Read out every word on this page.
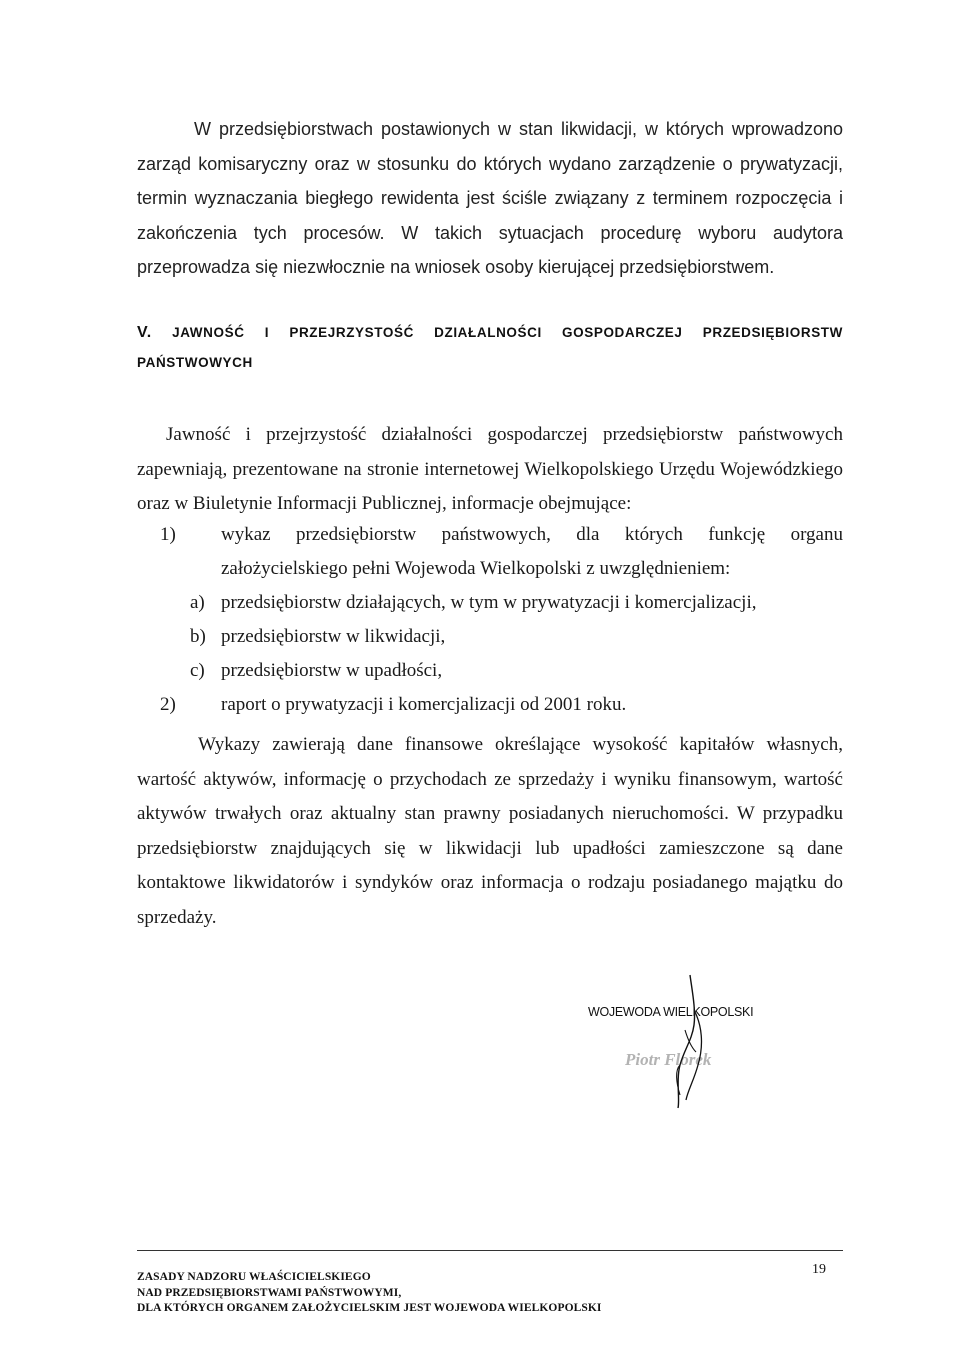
W przedsiębiorstwach postawionych w stan likwidacji, w których wprowadzono zarząd komisaryczny oraz w stosunku do których wydano zarządzenie o prywatyzacji, termin wyznaczania biegłego rewidenta jest ściśle związany z terminem rozpoczęcia i zakończenia tych procesów. W takich sytuacjach procedurę wyboru audytora przeprowadza się niezwłocznie na wniosek osoby kierującej przedsiębiorstwem.

V. JAWNOŚĆ I PRZEJRZYSTOŚĆ DZIAŁALNOŚCI GOSPODARCZEJ PRZEDSIĘBIORSTW PAŃSTWOWYCH

Jawność i przejrzystość działalności gospodarczej przedsiębiorstw państwowych zapewniają, prezentowane na stronie internetowej Wielkopolskiego Urzędu Wojewódzkiego oraz w Biuletynie Informacji Publicznej, informacje obejmujące:

1)	wykaz przedsiębiorstw państwowych, dla których funkcję organu
założycielskiego pełni Wojewoda Wielkopolski z uwzględnieniem:
a) przedsiębiorstw działających, w tym w prywatyzacji i komercjalizacji,
b) przedsiębiorstw w likwidacji,
c) przedsiębiorstw w upadłości,
2) raport o prywatyzacji i komercjalizacji od 2001 roku.

Wykazy zawierają dane finansowe określające wysokość kapitałów własnych, wartość aktywów, informację o przychodach ze sprzedaży i wyniku finansowym, wartość aktywów trwałych oraz aktualny stan prawny posiadanych nieruchomości. W przypadku przedsiębiorstw znajdujących się w likwidacji lub upadłości zamieszczone są dane kontaktowe likwidatorów i syndyków oraz informacja o rodzaju posiadanego majątku do sprzedaży.

Piotr Florek
WOJEWODA WIELKOPOLSKI
ZASADY NADZORU WŁAŚCICIELSKIEGO
NAD PRZEDSIĘBIORSTWAMI PAŃSTWOWYMI,
DLA KTÓRYCH ORGANEM ZAŁOŻYCIELSKIM JEST WOJEWODA WIELKOPOLSKI
19
